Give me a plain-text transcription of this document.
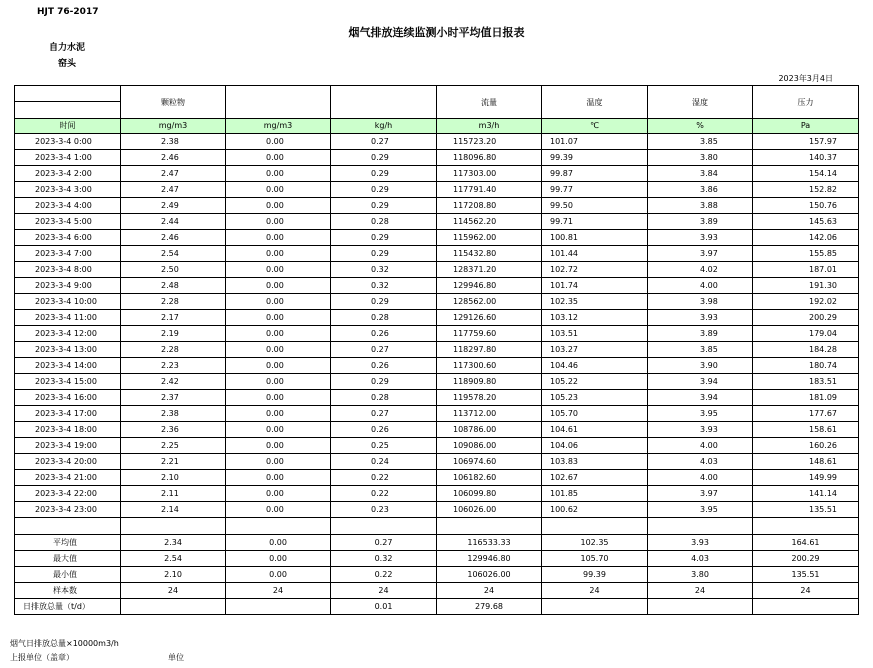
HJT 76-2017
烟气排放连续监测小时平均值日报表
自力水泥
窑头
2023年3月4日
	颗粒物			流量	温度	湿度	压力
时间	mg/m3	mg/m3	kg/h	m3/h	℃	%	Pa
2023-3-4 0:00	2.38	0.00	0.27	115723.20	101.07	3.85	157.97
2023-3-4 1:00	2.46	0.00	0.29	118096.80	99.39	3.80	140.37
2023-3-4 2:00	2.47	0.00	0.29	117303.00	99.87	3.84	154.14
2023-3-4 3:00	2.47	0.00	0.29	117791.40	99.77	3.86	152.82
2023-3-4 4:00	2.49	0.00	0.29	117208.80	99.50	3.88	150.76
2023-3-4 5:00	2.44	0.00	0.28	114562.20	99.71	3.89	145.63
2023-3-4 6:00	2.46	0.00	0.29	115962.00	100.81	3.93	142.06
2023-3-4 7:00	2.54	0.00	0.29	115432.80	101.44	3.97	155.85
2023-3-4 8:00	2.50	0.00	0.32	128371.20	102.72	4.02	187.01
2023-3-4 9:00	2.48	0.00	0.32	129946.80	101.74	4.00	191.30
2023-3-4 10:00	2.28	0.00	0.29	128562.00	102.35	3.98	192.02
2023-3-4 11:00	2.17	0.00	0.28	129126.60	103.12	3.93	200.29
2023-3-4 12:00	2.19	0.00	0.26	117759.60	103.51	3.89	179.04
2023-3-4 13:00	2.28	0.00	0.27	118297.80	103.27	3.85	184.28
2023-3-4 14:00	2.23	0.00	0.26	117300.60	104.46	3.90	180.74
2023-3-4 15:00	2.42	0.00	0.29	118909.80	105.22	3.94	183.51
2023-3-4 16:00	2.37	0.00	0.28	119578.20	105.23	3.94	181.09
2023-3-4 17:00	2.38	0.00	0.27	113712.00	105.70	3.95	177.67
2023-3-4 18:00	2.36	0.00	0.26	108786.00	104.61	3.93	158.61
2023-3-4 19:00	2.25	0.00	0.25	109086.00	104.06	4.00	160.26
2023-3-4 20:00	2.21	0.00	0.24	106974.60	103.83	4.03	148.61
2023-3-4 21:00	2.10	0.00	0.22	106182.60	102.67	4.00	149.99
2023-3-4 22:00	2.11	0.00	0.22	106099.80	101.85	3.97	141.14
2023-3-4 23:00	2.14	0.00	0.23	106026.00	100.62	3.95	135.51

平均值	2.34	0.00	0.27	116533.33	102.35	3.93	164.61
最大值	2.54	0.00	0.32	129946.80	105.70	4.03	200.29
最小值	2.10	0.00	0.22	106026.00	99.39	3.80	135.51
样本数	24	24	24	24	24	24	24
日排放总量（t/d）			0.01	279.68			
烟气日排放总量×10000m3/h
上报单位（盖章）	单位
